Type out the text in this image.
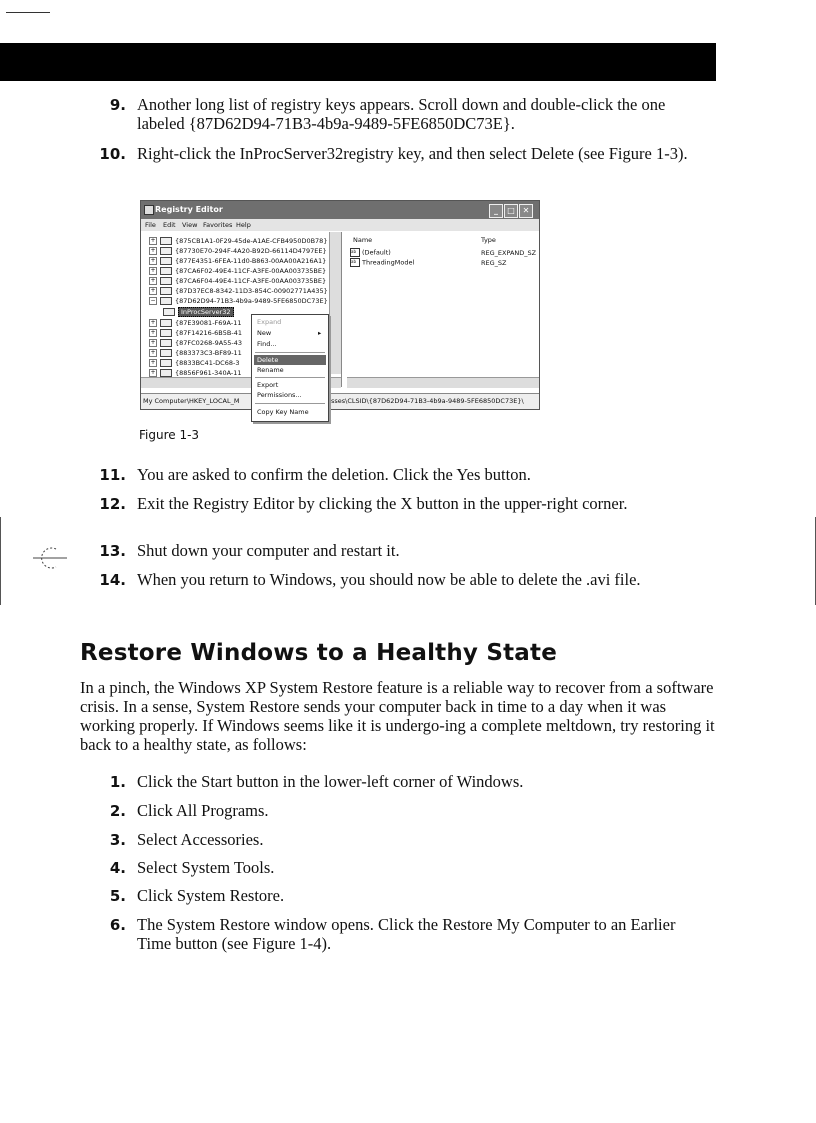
9. Another long list of registry keys appears. Scroll down and double-click the one labeled {87D62D94-71B3-4b9a-9489-5FE6850DC73E}.
10. Right-click the InProcServer32registry key, and then select Delete (see Figure 1-3).
Registry Editor	_	□ ✕
File Edit View Favorites Help
+	{875CB1A1-0F29-45de-A1AE-CFB4950D0B78}
+	{87730E70-294F-4A20-B92D-66114D4797EE}
+	{877E4351-6FEA-11d0-B863-00AA00A216A1}
+	{87CA6F02-49E4-11CF-A3FE-00AA003735BE}
+	{87CA6F04-49E4-11CF-A3FE-00AA003735BE}
+	{87D37EC8-8342-11D3-854C-00902771A435}
−	{87D62D94-71B3-4b9a-9489-5FE6850DC73E}
InProcServer32
+	{87E39081-F69A-11
+	{87F14216-6B5B-41
+	{87FC0268-9A55-43
+	{883373C3-BF89-11
+	{8833BC41-DC68-3
+	{8856F961-340A-11
Name	Type
ab (Default)	REG_EXPAND_SZ
ab ThreadingModel	REG_SZ
My Computer\HKEY_LOCAL_M	sses\CLSID\{87D62D94-71B3-4b9a-9489-5FE6850DC73E}\
Expand
New	▸
Find...
Delete
Rename
Export
Permissions...
Copy Key Name
Figure 1-3
11. You are asked to confirm the deletion. Click the Yes button.
12. Exit the Registry Editor by clicking the X button in the upper-right corner.
13. Shut down your computer and restart it.
14. When you return to Windows, you should now be able to delete the .avi file.
Restore Windows to a Healthy State
In a pinch, the Windows XP System Restore feature is a reliable way to recover from a software crisis. In a sense, System Restore sends your computer back in time to a day when it was working properly. If Windows seems like it is undergo-ing a complete meltdown, try restoring it back to a healthy state, as follows:
1. Click the Start button in the lower-left corner of Windows.
2. Click All Programs.
3. Select Accessories.
4. Select System Tools.
5. Click System Restore.
6. The System Restore window opens. Click the Restore My Computer to an Earlier Time button (see Figure 1-4).
